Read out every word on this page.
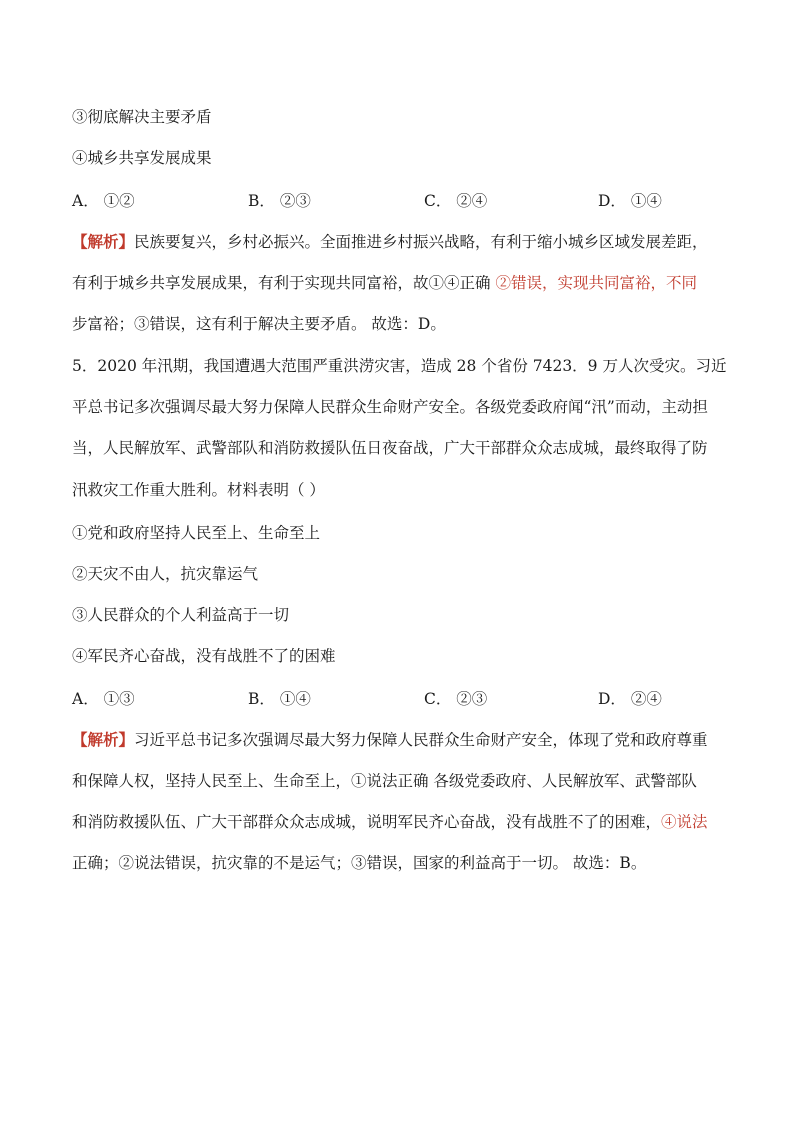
③彻底解决主要矛盾
④城乡共享发展成果
A． ①②	B． ②③	C． ②④	D． ①④
【解析】民族要复兴，乡村必振兴。全面推进乡村振兴战略，有利于缩小城乡区域发展差距，
有利于城乡共享发展成果，有利于实现共同富裕，故①④正确 ②错误，实现共同富裕，不同
步富裕；③错误，这有利于解决主要矛盾。 故选：D。
5．2020 年汛期，我国遭遇大范围严重洪涝灾害，造成 28 个省份 7423．9 万人次受灾。习近
平总书记多次强调尽最大努力保障人民群众生命财产安全。各级党委政府闻“汛”而动，主动担
当，人民解放军、武警部队和消防救援队伍日夜奋战，广大干部群众众志成城，最终取得了防
汛救灾工作重大胜利。材料表明（ ）
①党和政府坚持人民至上、生命至上
②天灾不由人，抗灾靠运气
③人民群众的个人利益高于一切
④军民齐心奋战，没有战胜不了的困难
A． ①③	B． ①④	C． ②③	D． ②④
【解析】习近平总书记多次强调尽最大努力保障人民群众生命财产安全，体现了党和政府尊重
和保障人权，坚持人民至上、生命至上，①说法正确 各级党委政府、人民解放军、武警部队
和消防救援队伍、广大干部群众众志成城，说明军民齐心奋战，没有战胜不了的困难，④说法
正确；②说法错误，抗灾靠的不是运气；③错误，国家的利益高于一切。 故选：B。
